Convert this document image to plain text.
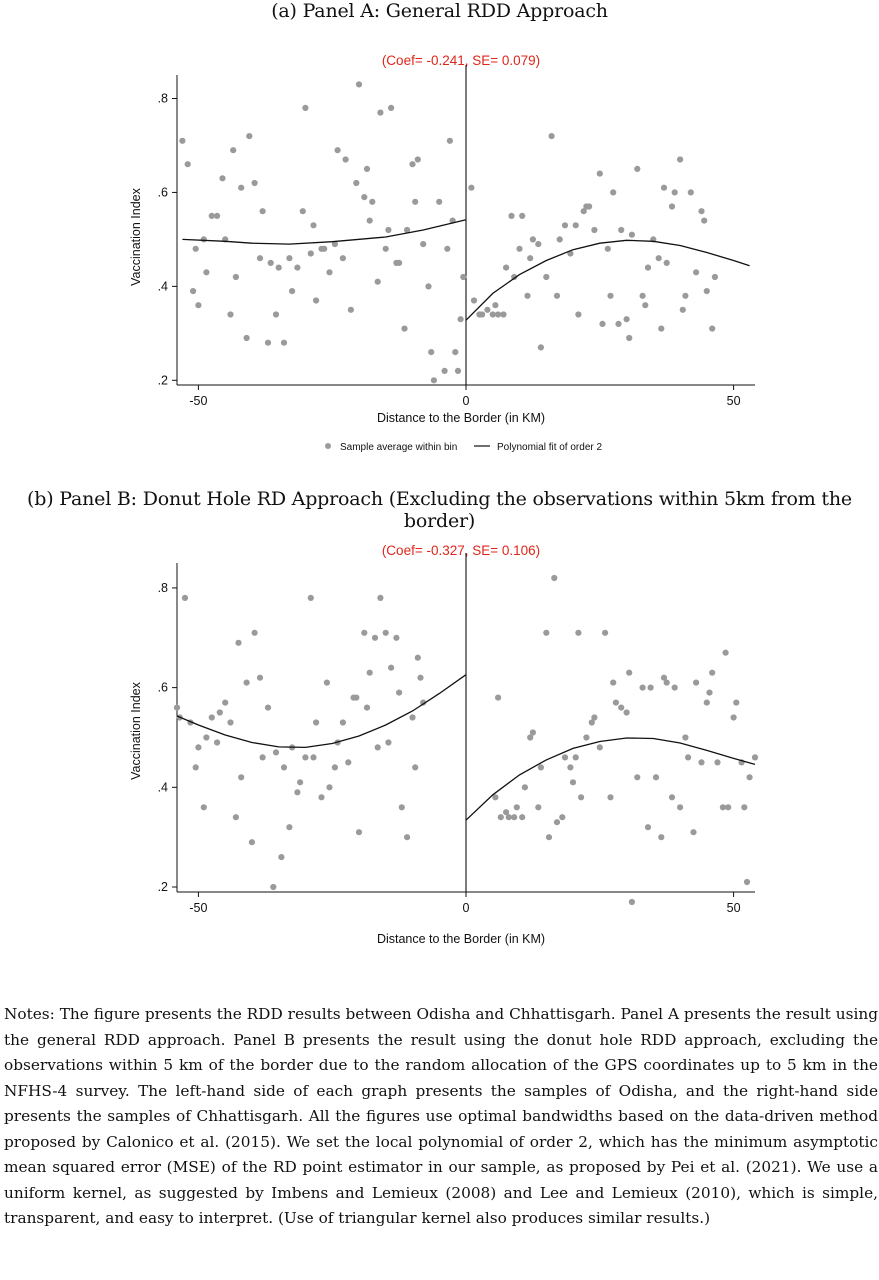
(a) Panel A: General RDD Approach
(Coef= -0.241, SE= 0.079)
Vaccination Index
Distance to the Border (in KM)
Sample average within bin	Polynomial fit of order 2
.2
.4
.6
.8
-50	0	50
(b) Panel B: Donut Hole RD Approach (Excluding the observations within 5km from the border)
(Coef= -0.327, SE= 0.106)
Vaccination Index
Distance to the Border (in KM)
.2
.4
.6
.8
-50	0	50

Notes: The figure presents the RDD results between Odisha and Chhattisgarh. Panel A presents the result using the general RDD approach. Panel B presents the result using the donut hole RDD approach, excluding the observations within 5 km of the border due to the random allocation of the GPS coordinates up to 5 km in the NFHS-4 survey. The left-hand side of each graph presents the samples of Odisha, and the right-hand side presents the samples of Chhattisgarh. All the figures use optimal bandwidths based on the data-driven method proposed by Calonico et al. (2015). We set the local polynomial of order 2, which has the minimum asymptotic mean squared error (MSE) of the RD point estimator in our sample, as proposed by Pei et al. (2021). We use a uniform kernel, as suggested by Imbens and Lemieux (2008) and Lee and Lemieux (2010), which is simple, transparent, and easy to interpret. (Use of triangular kernel also produces similar results.)
